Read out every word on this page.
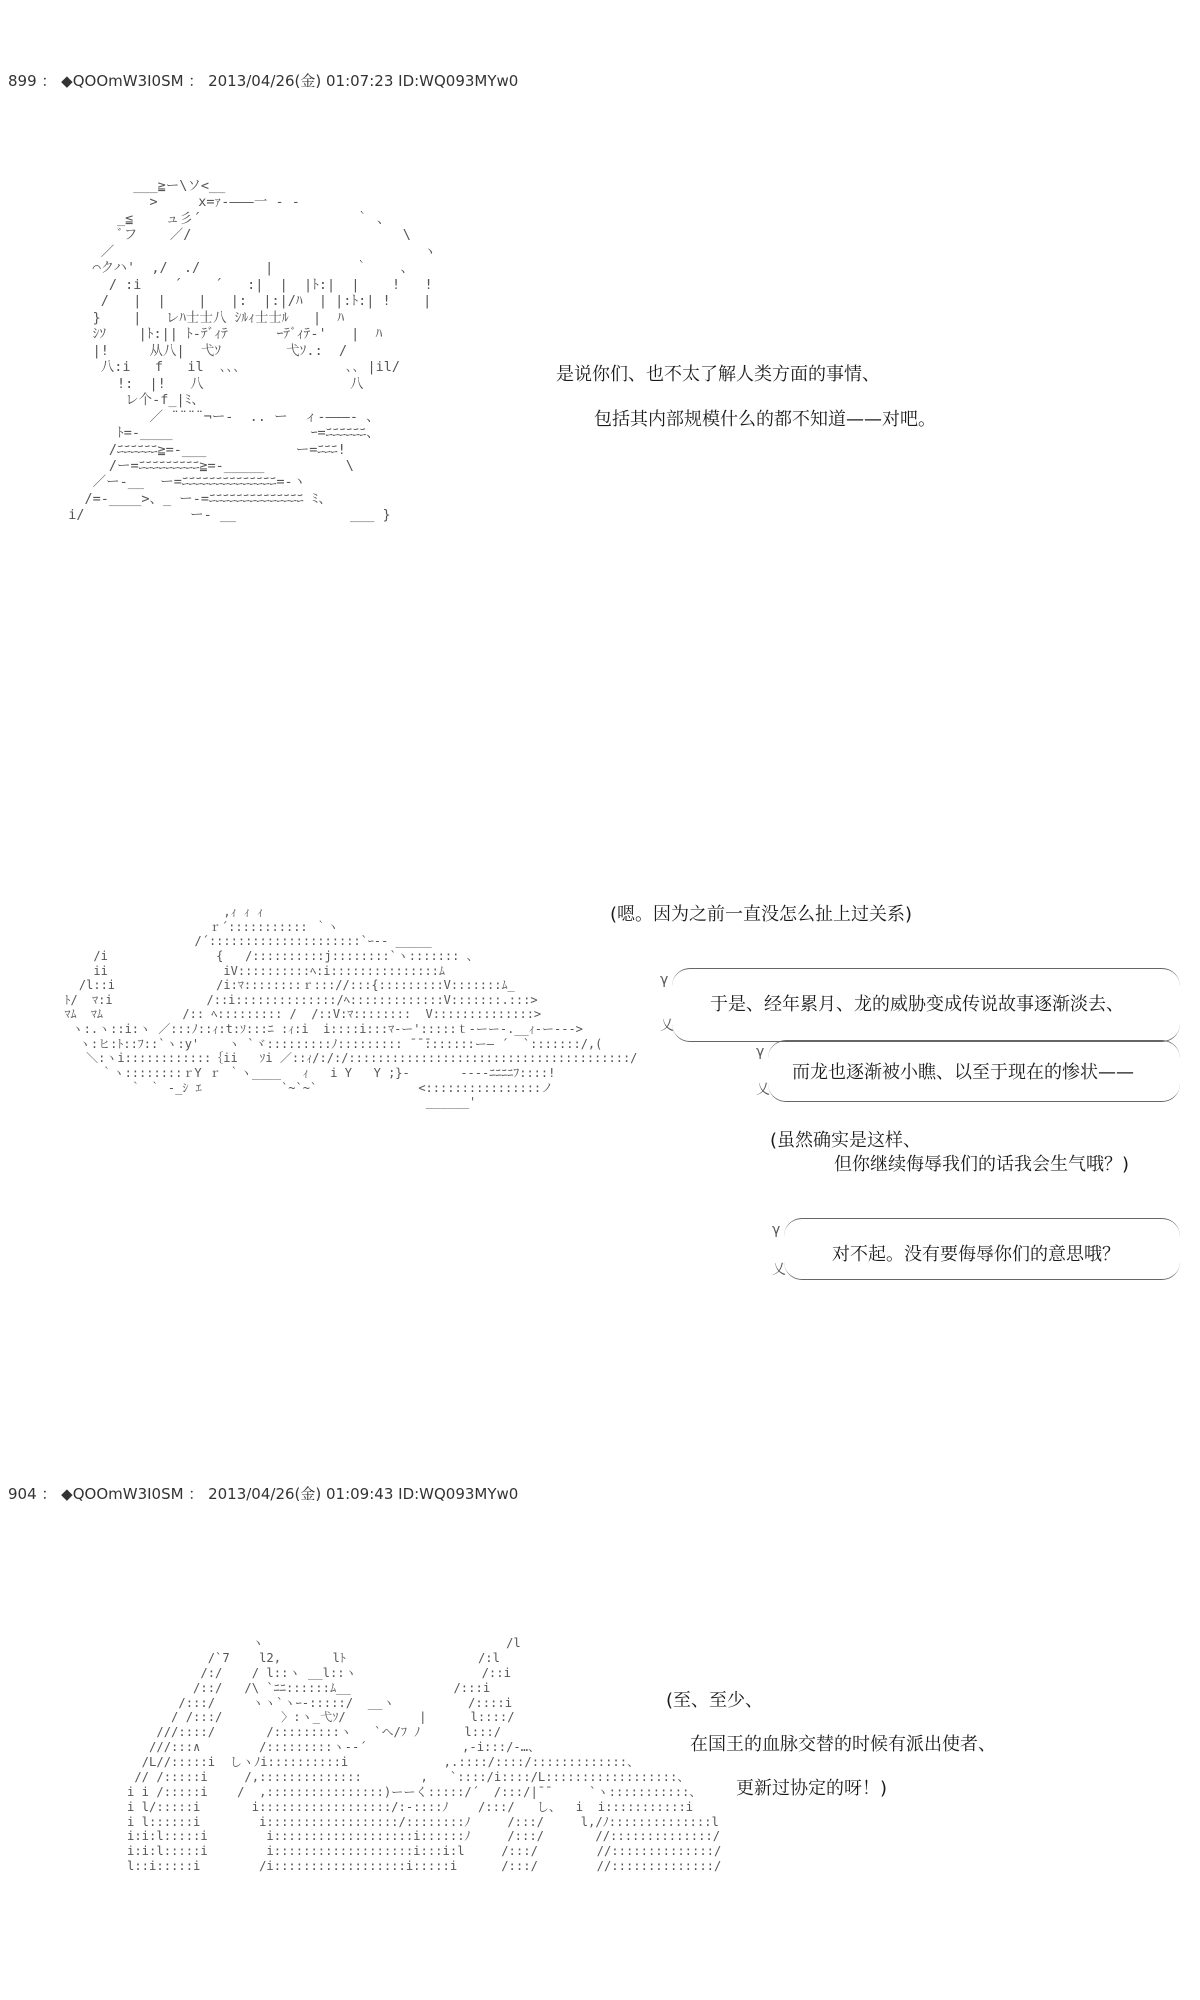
899 ： ◆QOOmW3I0SM ： 2013/04/26(金) 01:07:23 ID:WQ093MYw0
___≧ー\ソ<__
>     x=ｧ-―――一 ‐ -
_≦    ュ彡´                   ｀ 、
ﾞフ    ／/                          \
／                                      ヽ
⌒クハ'  ,/  ./        |          ｀    、
/ :i    ´    ´   :|  |  |ﾄ:|  |    !   !
/   |  |    |   |:  |:|/ﾊ  | |:ﾄ:| !    |
}    |   レﾊ士士八 ｼﾙｨ士士ﾙ   |  ﾊ
ｼｿ    |ﾄ:|| ﾄ-ﾃﾞｨﾃ      ｰﾃﾞｨﾃ-'   |  ﾊ
|!     从八|  弋ｿ        弋ｿ.:  /
八:i   f   il  ､､､             ､､ |il/
!:  |!   八                  八
レ个-f_|ﾐ、
／ ¨¨¨¨¬ー-  .. ー  ィ-―――- 、
ﾄ=-____                 ｰ=ﾆﾆﾆﾆﾆﾆ、
/ﾆﾆﾆﾆﾆﾆ≧=-___           ー=ﾆﾆﾆ!
/ー=ﾆﾆﾆﾆﾆﾆﾆﾆﾆ≧=-_____          \
／ー-__  ー=ﾆﾆﾆﾆﾆﾆﾆﾆﾆﾆﾆﾆﾆﾆ=-ヽ
/=-____>、_ ー-=ﾆﾆﾆﾆﾆﾆﾆﾆﾆﾆﾆﾆﾆﾆ ﾐ、
i/             ー- __              ___ }
是说你们、也不太了解人类方面的事情、
包括其内部规模什么的都不知道——对吧。
,ｨ ｨ ｨ
ｒ´::::::::::: ｀ヽ
/´:::::::::::::::::::::`ｰ-- _____
/i               {   /::::::::::j::::::::`ヽ::::::: 、
ii                iV::::::::::ﾍ:i:::::::::::::::ﾑ
/l::i              /i:ﾏ::::::::ｒ::://:::{:::::::::V:::::::ﾑ_
ﾄ/  ﾏ:i             /::i::::::::::::::/ﾍ:::::::::::::V:::::::.:::>
ﾏﾑ  ﾏﾑ           /:: ﾍ::::::::: /  /::V:ﾏ::::::::  V::::::::::::::>
ヽ:.ヽ::i:ヽ ／:::ﾉ::ｨ:t:ｿ:::ﾆ :ｨ:i  i::::i:::ﾏ-ー':::::ｔ-ーー-.__ｨ-ー--->
ヽ:ヒ:ﾄ::ﾌ::`ヽ:y'    ヽ `ヾ:::::::::ﾉ::::::::: ̄ ̄ ̄:::::::ー― ´  `:::::::/,(
＼:ヽi::::::::::::｛ii   ｿi ／::ｨ/:/:/:::::::::::::::::::::::::::::::::::::::/
｀ヽ::::::::ｒY ｒ ｀ヽ____   ｨ   i Y   Y ;}-       ----ﾆﾆﾆﾆﾌ::::!
｀ ｀ -_ｼ ｴ           `~`~`              <::::::::::::::::ノ
______'
(嗯。因为之前一直没怎么扯上过关系)
γ
乂
于是、经年累月、龙的威胁变成传说故事逐渐淡去、
γ
乂
而龙也逐渐被小瞧、以至于现在的惨状——
(虽然确实是这样、
但你继续侮辱我们的话我会生气哦？)
γ
乂
对不起。没有要侮辱你们的意思哦？
904 ： ◆QOOmW3I0SM ： 2013/04/26(金) 01:09:43 ID:WQ093MYw0
ヽ                                 /l
/`7    l2,       lﾄ                  /:l
/:/    / l::ヽ __l::ヽ                 /::i
/::/   /\ `ﾆﾆ::::::ﾑ__              /:::i
/:::/     ヽヽ`ヽｰ-:::::/  __ヽ          /::::i
/ /:::/        〉:ヽ_弋ｿ/          |      l::::/
///::::/       /:::::::::ヽ   `ヘ/ﾌ ﾉ      l:::/
///:::∧        /:::::::::ヽ-‐´             ,-i:::/-…、
/L//:::::i  しヽﾉi::::::::::i             ,.::::/::::/:::::::::::::、
// /:::::i     /,::::::::::::::        ,   `::::/i::::/L::::::::::::::::::、
i i /:::::i    /  ,::::::::::::::::)ーーく:::::/´  /:::/|¯¯     `ヽ:::::::::::、
i l/:::::i       i::::::::::::::::::/:-::::ﾉ    /:::/   し、  i  i:::::::::::i
i l::::::i        i::::::::::::::::::/::::::::ﾉ     /:::/     l,/ﾉ::::::::::::::l
i:i:l:::::i        i:::::::::::::::::::i::::::ﾉ     /:::/       //::::::::::::::/
i:i:l:::::i        i:::::::::::::::::::i:::i:l     /:::/        //::::::::::::::/
l::i:::::i        /i::::::::::::::::::i:::::i      /:::/        //::::::::::::::/
(至、至少、
在国王的血脉交替的时候有派出使者、
更新过协定的呀！)
